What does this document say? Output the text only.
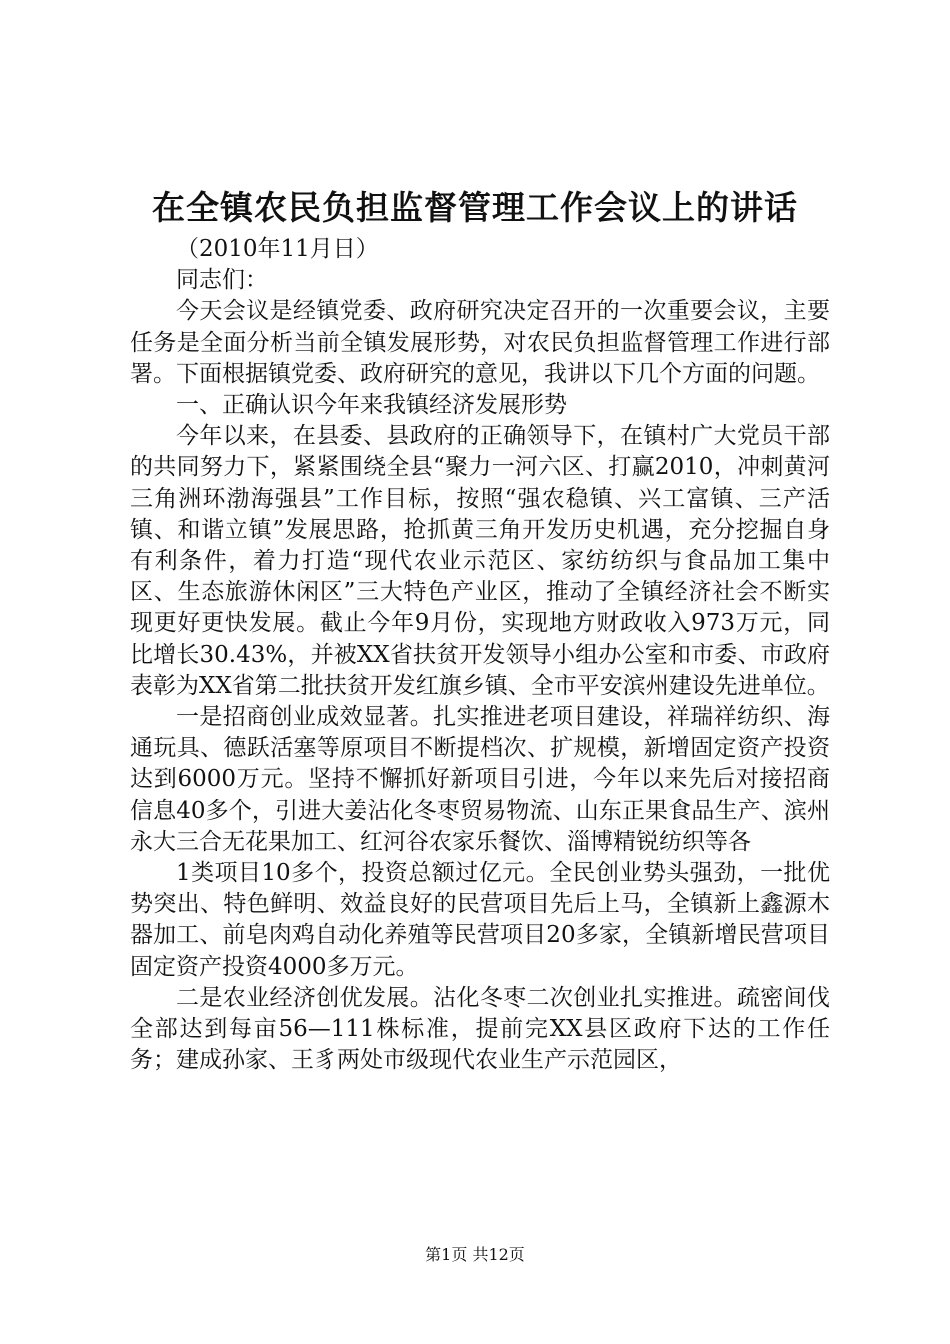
在全镇农民负担监督管理工作会议上的讲话

（2010年11月日）

同志们：

今天会议是经镇党委、政府研究决定召开的一次重要会议，主要任务是全面分析当前全镇发展形势，对农民负担监督管理工作进行部署。下面根据镇党委、政府研究的意见，我讲以下几个方面的问题。

一、正确认识今年来我镇经济发展形势

今年以来，在县委、县政府的正确领导下，在镇村广大党员干部的共同努力下，紧紧围绕全县“聚力一河六区、打赢2010，冲刺黄河三角洲环渤海强县”工作目标，按照“强农稳镇、兴工富镇、三产活镇、和谐立镇”发展思路，抢抓黄三角开发历史机遇，充分挖掘自身有利条件，着力打造“现代农业示范区、家纺纺织与食品加工集中区、生态旅游休闲区”三大特色产业区，推动了全镇经济社会不断实现更好更快发展。截止今年9月份，实现地方财政收入973万元，同比增长30.43%，并被XX省扶贫开发领导小组办公室和市委、市政府表彰为XX省第二批扶贫开发红旗乡镇、全市平安滨州建设先进单位。

一是招商创业成效显著。扎实推进老项目建设，祥瑞祥纺织、海通玩具、德跃活塞等原项目不断提档次、扩规模，新增固定资产投资达到6000万元。坚持不懈抓好新项目引进，今年以来先后对接招商信息40多个，引进大姜沾化冬枣贸易物流、山东正果食品生产、滨州永大三合无花果加工、红河谷农家乐餐饮、淄博精锐纺织等各

1类项目10多个，投资总额过亿元。全民创业势头强劲，一批优势突出、特色鲜明、效益良好的民营项目先后上马，全镇新上鑫源木器加工、前皂肉鸡自动化养殖等民营项目20多家，全镇新增民营项目固定资产投资4000多万元。

二是农业经济创优发展。沾化冬枣二次创业扎实推进。疏密间伐全部达到每亩56—111株标准，提前完XX县区政府下达的工作任务；建成孙家、王豸两处市级现代农业生产示范园区，

第1页 共12页
